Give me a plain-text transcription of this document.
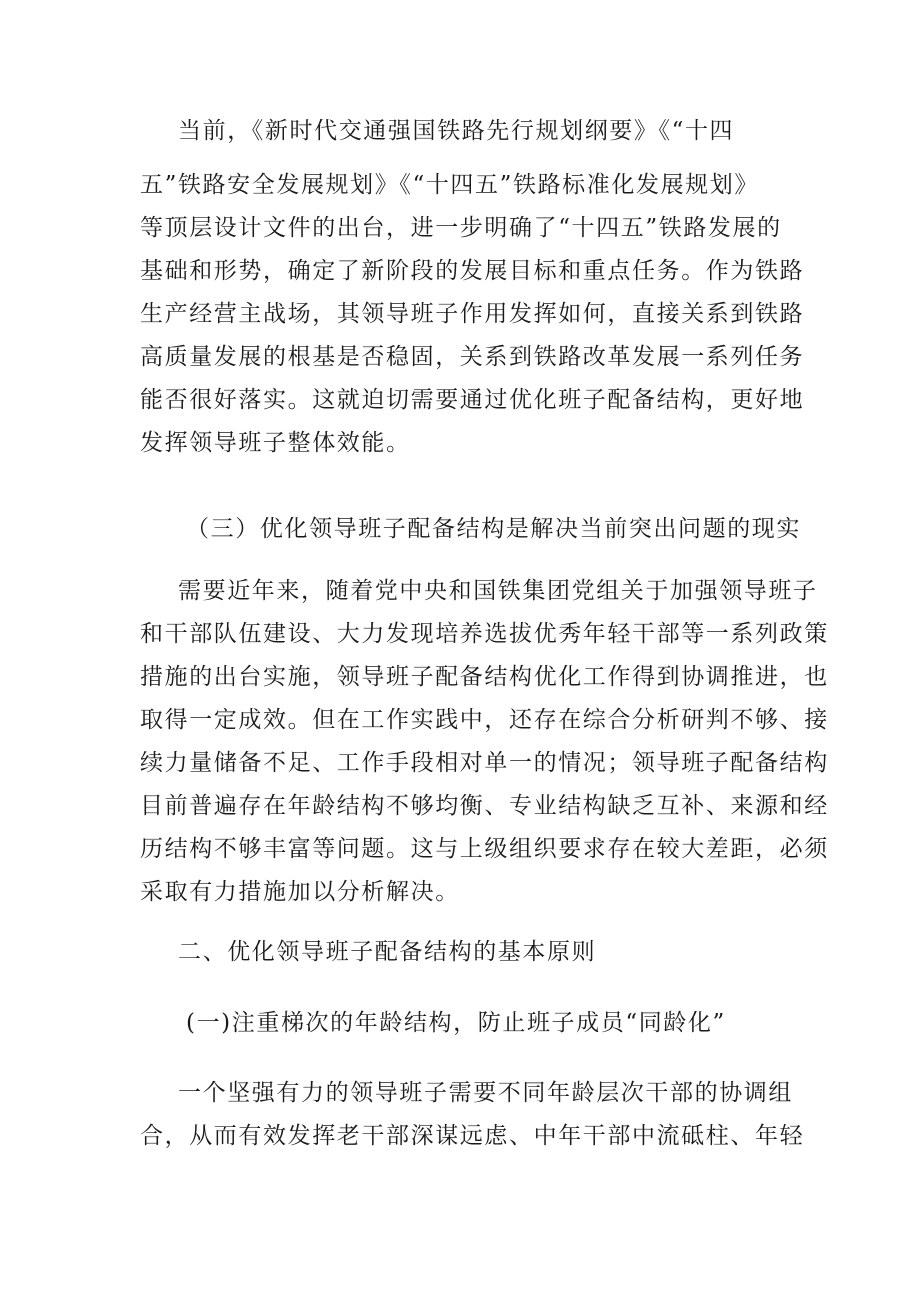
当前，《新时代交通强国铁路先行规划纲要》《“十四
五”铁路安全发展规划》《“十四五”铁路标准化发展规划》
等顶层设计文件的出台，进一步明确了“十四五”铁路发展的
基础和形势，确定了新阶段的发展目标和重点任务。作为铁路
生产经营主战场，其领导班子作用发挥如何，直接关系到铁路
高质量发展的根基是否稳固，关系到铁路改革发展一系列任务
能否很好落实。这就迫切需要通过优化班子配备结构，更好地
发挥领导班子整体效能。
（三）优化领导班子配备结构是解决当前突出问题的现实
需要近年来，随着党中央和国铁集团党组关于加强领导班子
和干部队伍建设、大力发现培养选拔优秀年轻干部等一系列政策
措施的出台实施，领导班子配备结构优化工作得到协调推进，也
取得一定成效。但在工作实践中，还存在综合分析研判不够、接
续力量储备不足、工作手段相对单一的情况；领导班子配备结构
目前普遍存在年龄结构不够均衡、专业结构缺乏互补、来源和经
历结构不够丰富等问题。这与上级组织要求存在较大差距，必须
采取有力措施加以分析解决。
二、优化领导班子配备结构的基本原则
(一)注重梯次的年龄结构，防止班子成员“同龄化”
一个坚强有力的领导班子需要不同年龄层次干部的协调组
合，从而有效发挥老干部深谋远虑、中年干部中流砥柱、年轻
